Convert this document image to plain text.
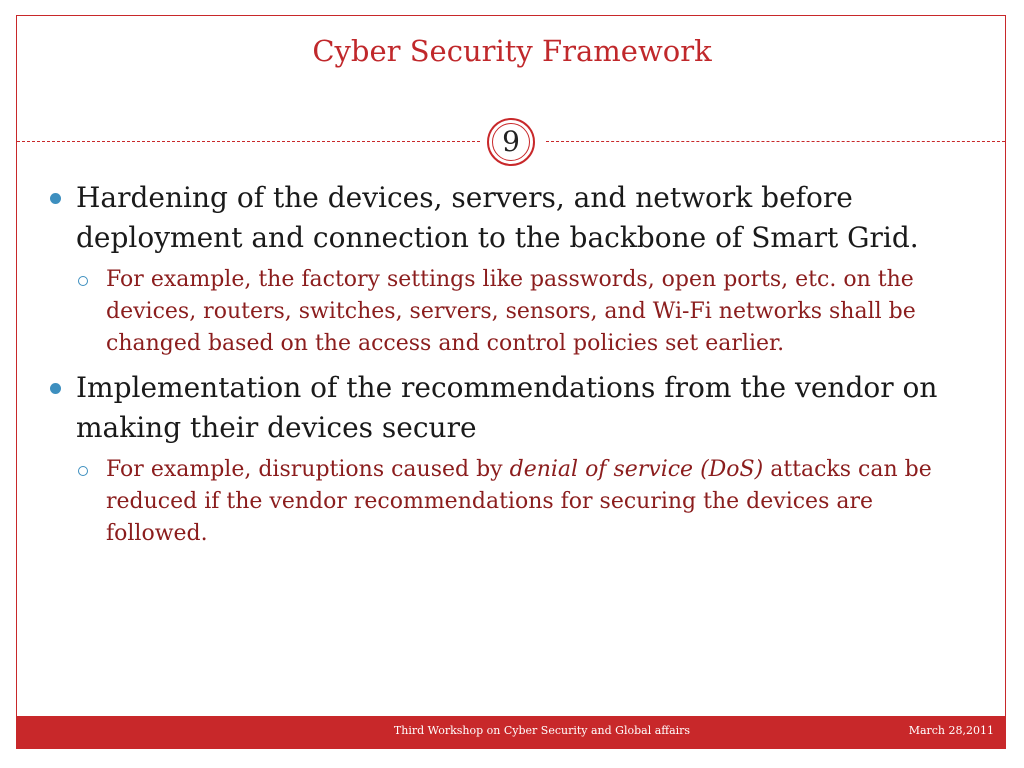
Cyber Security Framework
9
Hardening of the devices, servers, and network before deployment and connection to the backbone of Smart Grid.
For example, the factory settings like passwords, open ports, etc. on the devices, routers, switches, servers, sensors, and Wi-Fi networks shall be changed based on the access and control policies set earlier.
Implementation of the recommendations from the vendor on making their devices secure
For example, disruptions caused by denial of service (DoS) attacks can be reduced if the vendor recommendations for securing the devices are followed.
Third Workshop on Cyber Security and Global affairs	March 28,2011
